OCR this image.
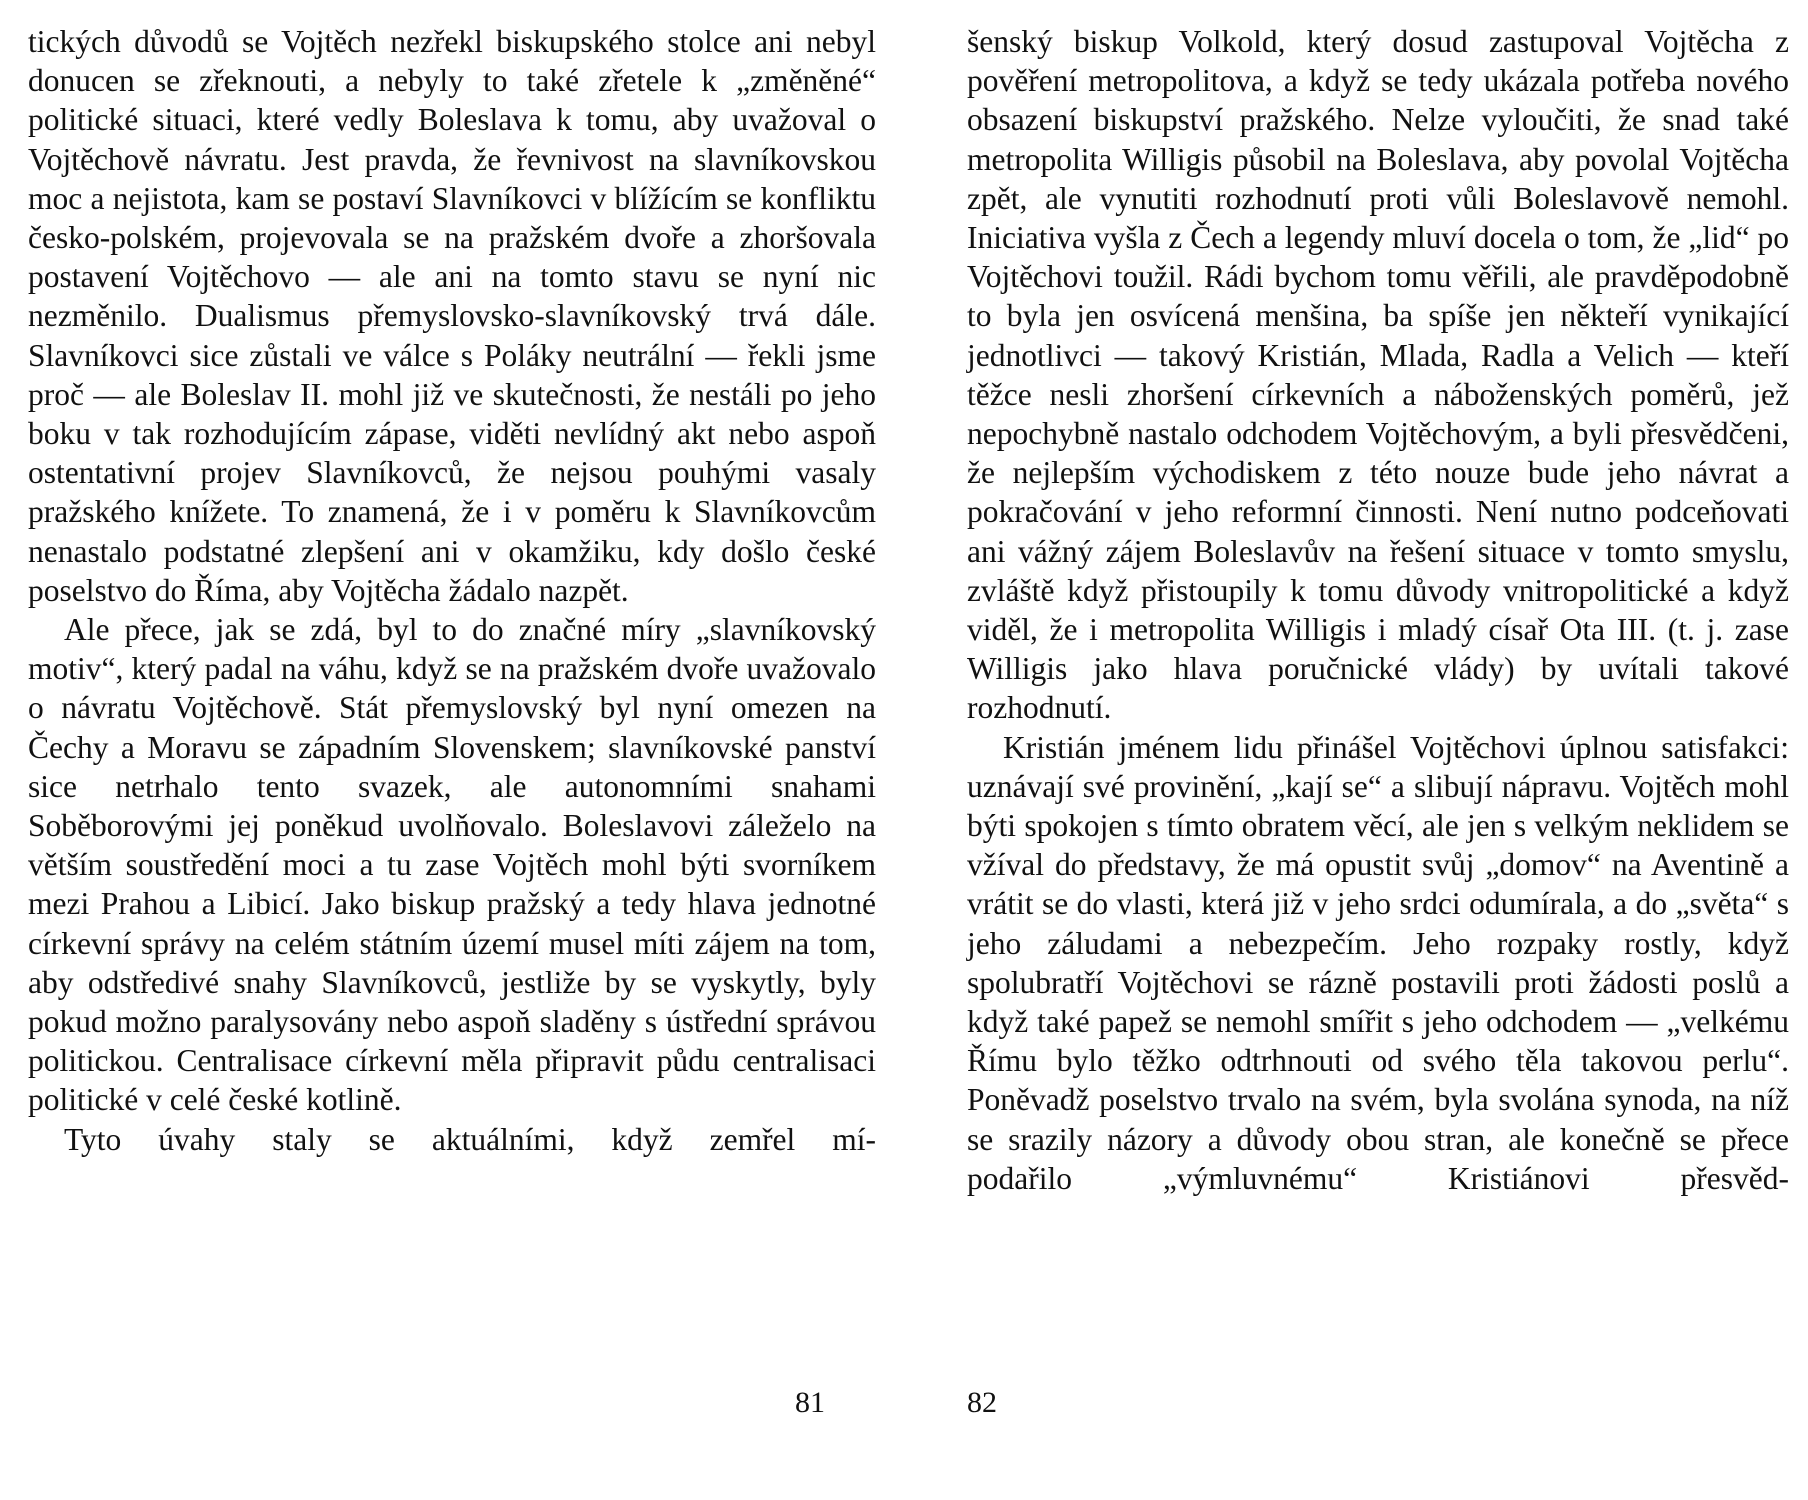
tických důvodů se Vojtěch nezřekl biskupského stolce ani nebyl donucen se zřeknouti, a nebyly to také zřetele k „změněné“ politické situaci, které vedly Boleslava k tomu, aby uvažoval o Vojtěchově návratu. Jest pravda, že řevnivost na slavníkovskou moc a nejistota, kam se postaví Slavníkovci v blížícím se konfliktu česko-polském, projevovala se na pražském dvoře a zhoršovala postavení Vojtěchovo — ale ani na tomto stavu se nyní nic nezměnilo. Dualismus přemyslovsko-slavníkovský trvá dále. Slavníkovci sice zůstali ve válce s Poláky neutrální — řekli jsme proč — ale Boleslav II. mohl již ve skutečnosti, že nestáli po jeho boku v tak rozhodujícím zápase, viděti nevlídný akt nebo aspoň ostentativní projev Slavníkovců, že nejsou pouhými vasaly pražského knížete. To znamená, že i v poměru k Slavníkovcům nenastalo podstatné zlepšení ani v okamžiku, kdy došlo české poselstvo do Říma, aby Vojtěcha žádalo nazpět.

Ale přece, jak se zdá, byl to do značné míry „slavníkovský motiv“, který padal na váhu, když se na pražském dvoře uvažovalo o návratu Vojtěchově. Stát přemyslovský byl nyní omezen na Čechy a Moravu se západním Slovenskem; slavníkovské panství sice netrhalo tento svazek, ale autonomními snahami Soběborovými jej poněkud uvolňovalo. Boleslavovi záleželo na větším soustředění moci a tu zase Vojtěch mohl býti svorníkem mezi Prahou a Libicí. Jako biskup pražský a tedy hlava jednotné církevní správy na celém státním území musel míti zájem na tom, aby odstředivé snahy Slavníkovců, jestliže by se vyskytly, byly pokud možno paralysovány nebo aspoň sladěny s ústřední správou politickou. Centralisace církevní měla připravit půdu centralisaci politické v celé české kotlině.

Tyto úvahy staly se aktuálními, když zemřel mí-

šenský biskup Volkold, který dosud zastupoval Vojtěcha z pověření metropolitova, a když se tedy ukázala potřeba nového obsazení biskupství pražského. Nelze vyloučiti, že snad také metropolita Willigis působil na Boleslava, aby povolal Vojtěcha zpět, ale vynutiti rozhodnutí proti vůli Boleslavově nemohl. Iniciativa vyšla z Čech a legendy mluví docela o tom, že „lid“ po Vojtěchovi toužil. Rádi bychom tomu věřili, ale pravděpodobně to byla jen osvícená menšina, ba spíše jen někteří vynikající jednotlivci — takový Kristián, Mlada, Radla a Velich — kteří těžce nesli zhoršení církevních a náboženských poměrů, jež nepochybně nastalo odchodem Vojtěchovým, a byli přesvědčeni, že nejlepším východiskem z této nouze bude jeho návrat a pokračování v jeho reformní činnosti. Není nutno podceňovati ani vážný zájem Boleslavův na řešení situace v tomto smyslu, zvláště když přistoupily k tomu důvody vnitropolitické a když viděl, že i metropolita Willigis i mladý císař Ota III. (t. j. zase Willigis jako hlava poručnické vlády) by uvítali takové rozhodnutí.

Kristián jménem lidu přinášel Vojtěchovi úplnou satisfakci: uznávají své provinění, „kají se“ a slibují nápravu. Vojtěch mohl býti spokojen s tímto obratem věcí, ale jen s velkým neklidem se vžíval do představy, že má opustit svůj „domov“ na Aventině a vrátit se do vlasti, která již v jeho srdci odumírala, a do „světa“ s jeho záludami a nebezpečím. Jeho rozpaky rostly, když spolubratří Vojtěchovi se rázně postavili proti žádosti poslů a když také papež se nemohl smířit s jeho odchodem — „velkému Římu bylo těžko odtrhnouti od svého těla takovou perlu“. Poněvadž poselstvo trvalo na svém, byla svolána synoda, na níž se srazily názory a důvody obou stran, ale konečně se přece podařilo „výmluvnému“ Kristiánovi přesvěd-

81	82
